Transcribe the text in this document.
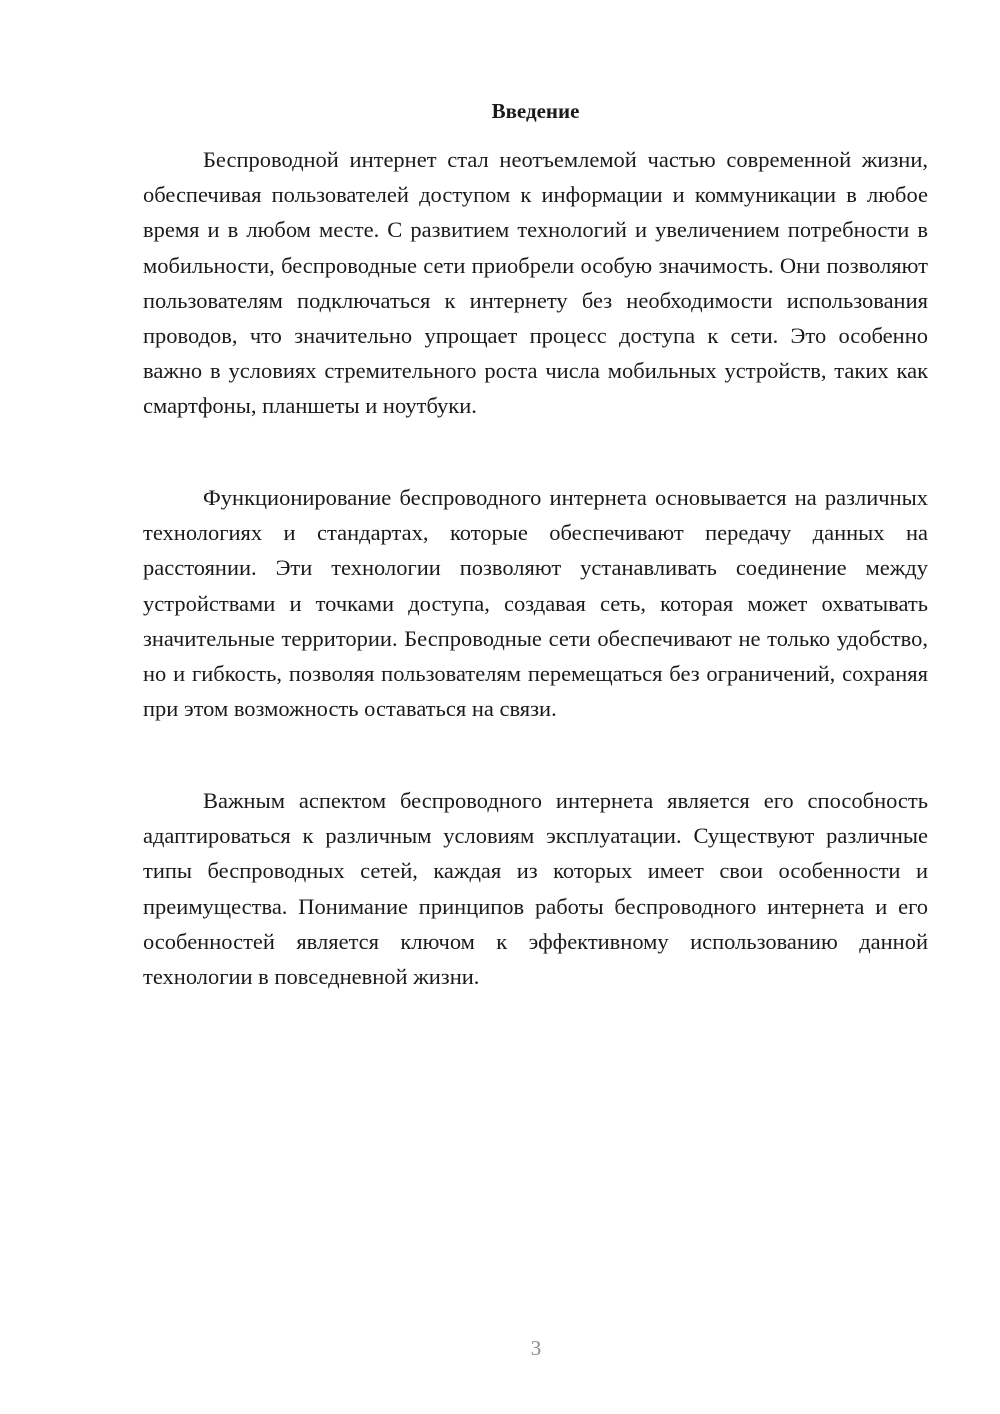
Введение

Беспроводной интернет стал неотъемлемой частью современной жизни, обеспечивая пользователей доступом к информации и коммуникации в любое время и в любом месте. С развитием технологий и увеличением потребности в мобильности, беспроводные сети приобрели особую значимость. Они позволяют пользователям подключаться к интернету без необходимости использования проводов, что значительно упрощает процесс доступа к сети. Это особенно важно в условиях стремительного роста числа мобильных устройств, таких как смартфоны, планшеты и ноутбуки.

Функционирование беспроводного интернета основывается на различных технологиях и стандартах, которые обеспечивают передачу данных на расстоянии. Эти технологии позволяют устанавливать соединение между устройствами и точками доступа, создавая сеть, которая может охватывать значительные территории. Беспроводные сети обеспечивают не только удобство, но и гибкость, позволяя пользователям перемещаться без ограничений, сохраняя при этом возможность оставаться на связи.

Важным аспектом беспроводного интернета является его способность адаптироваться к различным условиям эксплуатации. Существуют различные типы беспроводных сетей, каждая из которых имеет свои особенности и преимущества. Понимание принципов работы беспроводного интернета и его особенностей является ключом к эффективному использованию данной технологии в повседневной жизни.

3
